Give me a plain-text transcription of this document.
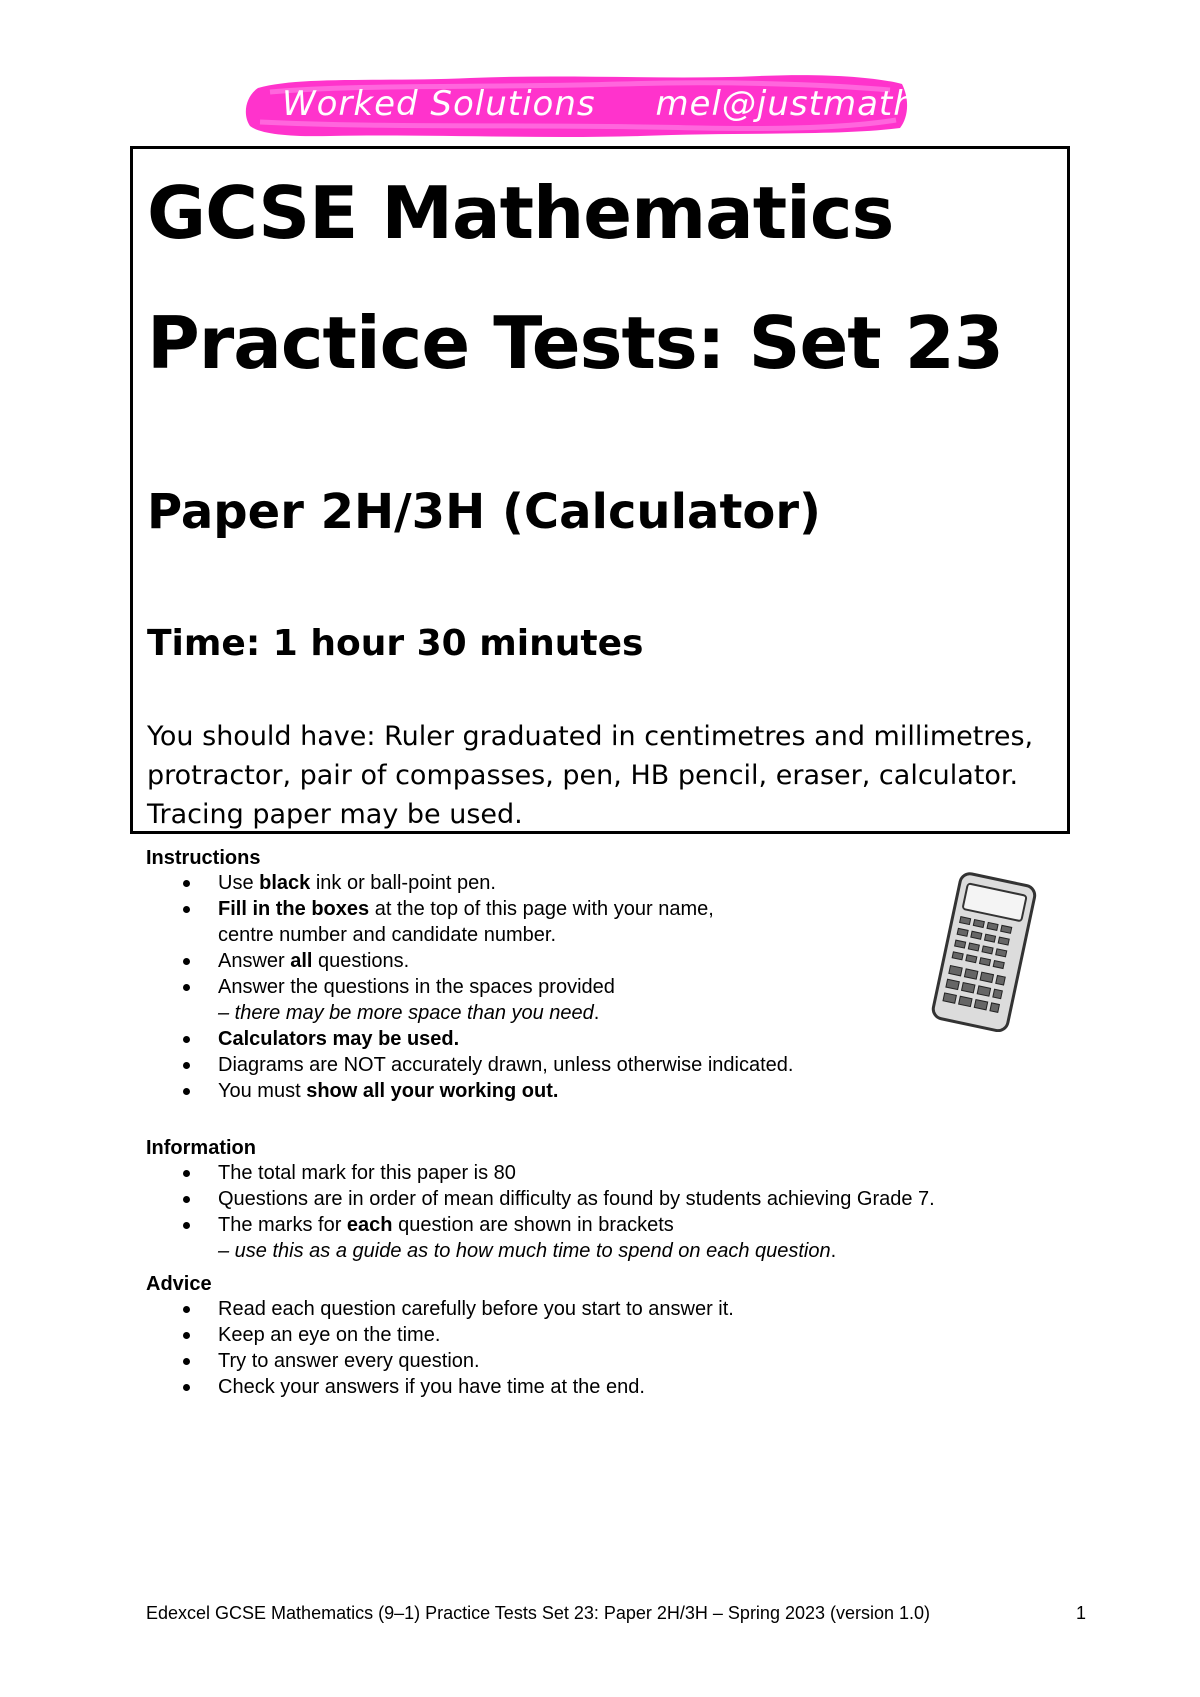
Worked Solutions mel@justmaths.co.uk
GCSE Mathematics
Practice Tests: Set 23
Paper 2H/3H (Calculator)
Time: 1 hour 30 minutes
You should have: Ruler graduated in centimetres and millimetres,
protractor, pair of compasses, pen, HB pencil, eraser, calculator.
Tracing paper may be used.
Instructions
Use black ink or ball-point pen.
Fill in the boxes at the top of this page with your name,
centre number and candidate number.
Answer all questions.
Answer the questions in the spaces provided
– there may be more space than you need.
Calculators may be used.
Diagrams are NOT accurately drawn, unless otherwise indicated.
You must show all your working out.
Information
The total mark for this paper is 80
Questions are in order of mean difficulty as found by students achieving Grade 7.
The marks for each question are shown in brackets
– use this as a guide as to how much time to spend on each question.
Advice
Read each question carefully before you start to answer it.
Keep an eye on the time.
Try to answer every question.
Check your answers if you have time at the end.
Edexcel GCSE Mathematics (9–1) Practice Tests Set 23: Paper 2H/3H – Spring 2023 (version 1.0)	1
